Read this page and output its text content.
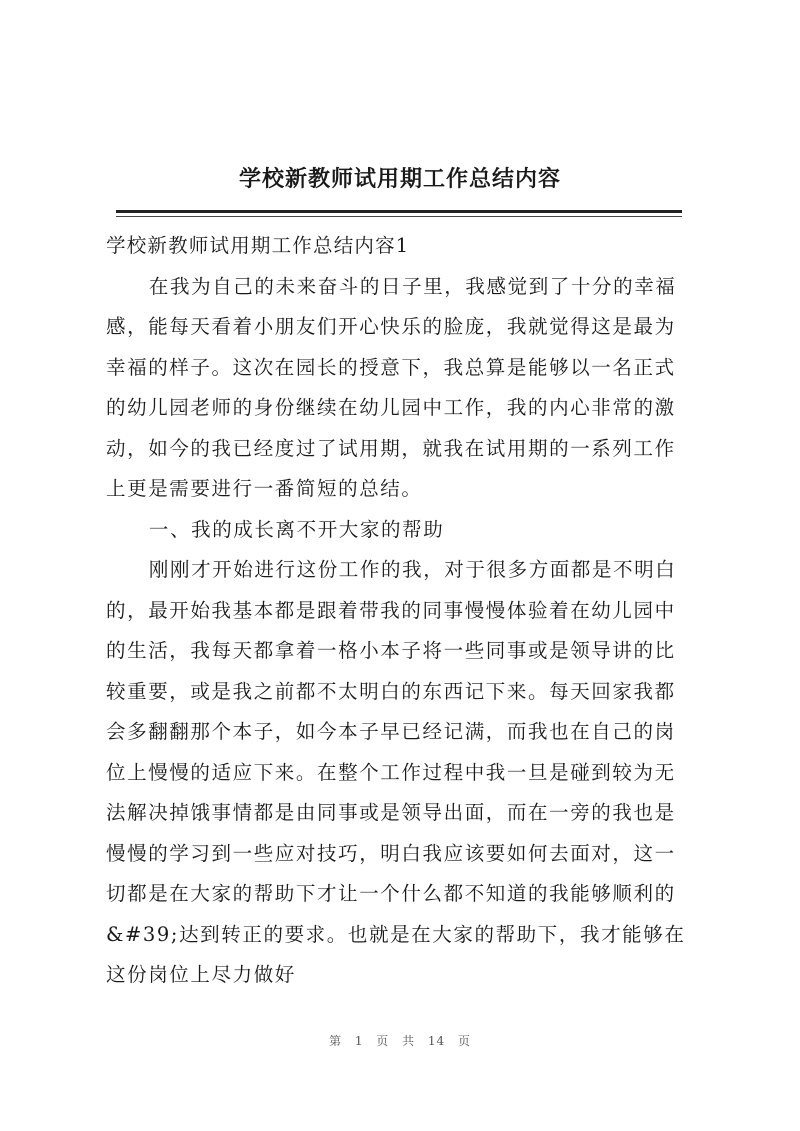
学校新教师试用期工作总结内容

学校新教师试用期工作总结内容1

在我为自己的未来奋斗的日子里，我感觉到了十分的幸福感，能每天看着小朋友们开心快乐的脸庞，我就觉得这是最为幸福的样子。这次在园长的授意下，我总算是能够以一名正式的幼儿园老师的身份继续在幼儿园中工作，我的内心非常的激动，如今的我已经度过了试用期，就我在试用期的一系列工作上更是需要进行一番简短的总结。

一、我的成长离不开大家的帮助

刚刚才开始进行这份工作的我，对于很多方面都是不明白的，最开始我基本都是跟着带我的同事慢慢体验着在幼儿园中的生活，我每天都拿着一格小本子将一些同事或是领导讲的比较重要，或是我之前都不太明白的东西记下来。每天回家我都会多翻翻那个本子，如今本子早已经记满，而我也在自己的岗位上慢慢的适应下来。在整个工作过程中我一旦是碰到较为无法解决掉饿事情都是由同事或是领导出面，而在一旁的我也是慢慢的学习到一些应对技巧，明白我应该要如何去面对，这一切都是在大家的帮助下才让一个什么都不知道的我能够顺利的&#39;达到转正的要求。也就是在大家的帮助下，我才能够在这份岗位上尽力做好

第 1 页 共 14 页
